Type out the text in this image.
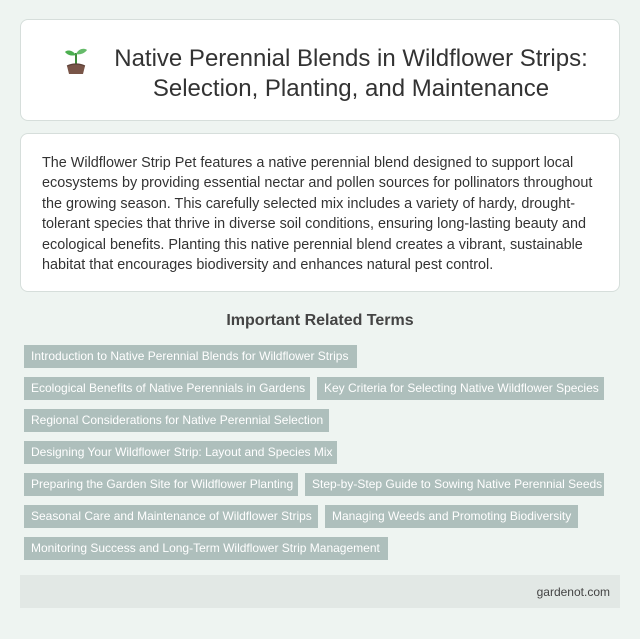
Native Perennial Blends in Wildflower Strips:
Selection, Planting, and Maintenance

The Wildflower Strip Pet features a native perennial blend designed to support local ecosystems by providing essential nectar and pollen sources for pollinators throughout the growing season. This carefully selected mix includes a variety of hardy, drought-tolerant species that thrive in diverse soil conditions, ensuring long-lasting beauty and ecological benefits. Planting this native perennial blend creates a vibrant, sustainable habitat that encourages biodiversity and enhances natural pest control.

Important Related Terms
Introduction to Native Perennial Blends for Wildflower Strips
Ecological Benefits of Native Perennials in Gardens	Key Criteria for Selecting Native Wildflower Species
Regional Considerations for Native Perennial Selection
Designing Your Wildflower Strip: Layout and Species Mix
Preparing the Garden Site for Wildflower Planting	Step-by-Step Guide to Sowing Native Perennial Seeds
Seasonal Care and Maintenance of Wildflower Strips	Managing Weeds and Promoting Biodiversity
Monitoring Success and Long-Term Wildflower Strip Management
gardenot.com
